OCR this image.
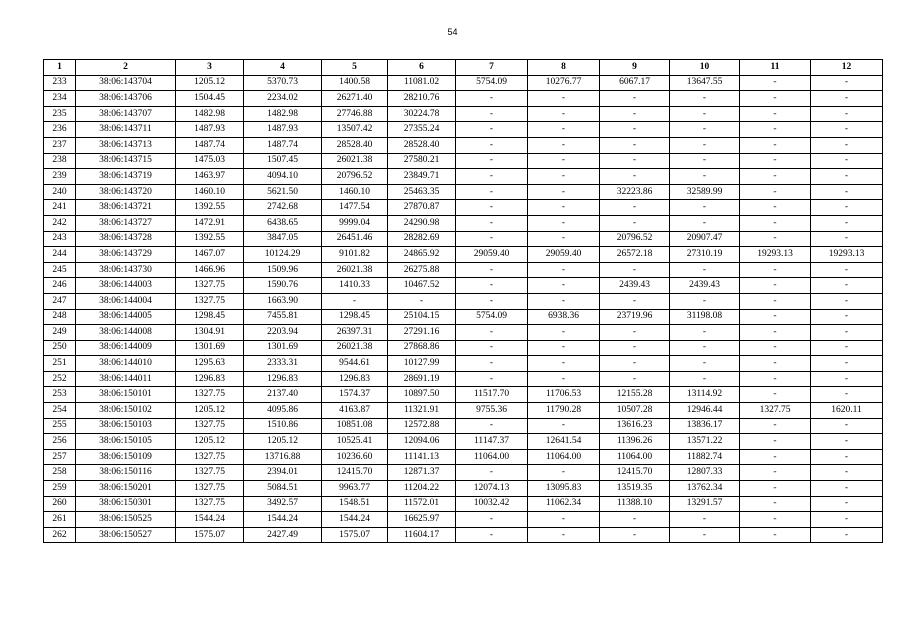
54
1	2	3	4	5	6	7	8	9	10	11	12
233	38:06:143704	1205.12	5370.73	1400.58	11081.02	5754.09	10276.77	6067.17	13647.55	-	-
234	38:06:143706	1504.45	2234.02	26271.40	28210.76	-	-	-	-	-	-
235	38:06:143707	1482.98	1482.98	27746.88	30224.78	-	-	-	-	-	-
236	38:06:143711	1487.93	1487.93	13507.42	27355.24	-	-	-	-	-	-
237	38:06:143713	1487.74	1487.74	28528.40	28528.40	-	-	-	-	-	-
238	38:06:143715	1475.03	1507.45	26021.38	27580.21	-	-	-	-	-	-
239	38:06:143719	1463.97	4094.10	20796.52	23849.71	-	-	-	-	-	-
240	38:06:143720	1460.10	5621.50	1460.10	25463.35	-	-	32223.86	32589.99	-	-
241	38:06:143721	1392.55	2742.68	1477.54	27870.87	-	-	-	-	-	-
242	38:06:143727	1472.91	6438.65	9999.04	24290.98	-	-	-	-	-	-
243	38:06:143728	1392.55	3847.05	26451.46	28282.69	-	-	20796.52	20907.47	-	-
244	38:06:143729	1467.07	10124.29	9101.82	24865.92	29059.40	29059.40	26572.18	27310.19	19293.13	19293.13
245	38:06:143730	1466.96	1509.96	26021.38	26275.88	-	-	-	-	-	-
246	38:06:144003	1327.75	1590.76	1410.33	10467.52	-	-	2439.43	2439.43	-	-
247	38:06:144004	1327.75	1663.90	-	-	-	-	-	-	-	-
248	38:06:144005	1298.45	7455.81	1298.45	25104.15	5754.09	6938.36	23719.96	31198.08	-	-
249	38:06:144008	1304.91	2203.94	26397.31	27291.16	-	-	-	-	-	-
250	38:06:144009	1301.69	1301.69	26021.38	27868.86	-	-	-	-	-	-
251	38:06:144010	1295.63	2333.31	9544.61	10127.99	-	-	-	-	-	-
252	38:06:144011	1296.83	1296.83	1296.83	28691.19	-	-	-	-	-	-
253	38:06:150101	1327.75	2137.40	1574.37	10897.50	11517.70	11706.53	12155.28	13114.92	-	-
254	38:06:150102	1205.12	4095.86	4163.87	11321.91	9755.36	11790.28	10507.28	12946.44	1327.75	1620.11
255	38:06:150103	1327.75	1510.86	10851.08	12572.88	-	-	13616.23	13836.17	-	-
256	38:06:150105	1205.12	1205.12	10525.41	12094.06	11147.37	12641.54	11396.26	13571.22	-	-
257	38:06:150109	1327.75	13716.88	10236.60	11141.13	11064.00	11064.00	11064.00	11882.74	-	-
258	38:06:150116	1327.75	2394.01	12415.70	12871.37	-	-	12415.70	12807.33	-	-
259	38:06:150201	1327.75	5084.51	9963.77	11204.22	12074.13	13095.83	13519.35	13762.34	-	-
260	38:06:150301	1327.75	3492.57	1548.51	11572.01	10032.42	11062.34	11388.10	13291.57	-	-
261	38:06:150525	1544.24	1544.24	1544.24	16625.97	-	-	-	-	-	-
262	38:06:150527	1575.07	2427.49	1575.07	11604.17	-	-	-	-	-	-
